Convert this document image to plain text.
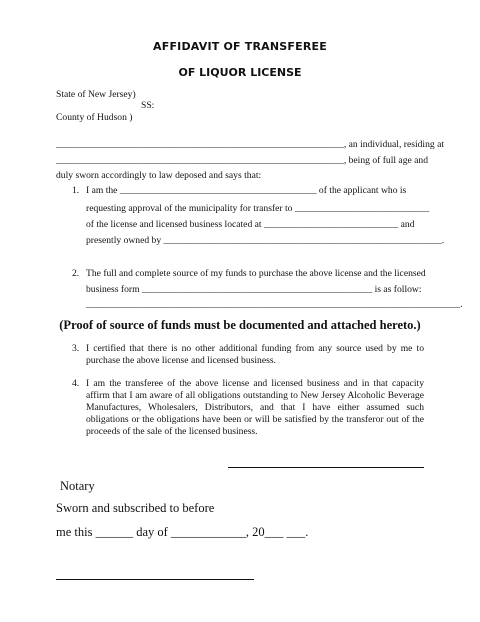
AFFIDAVIT OF TRANSFEREE
OF LIQUOR LICENSE
State of New Jersey)
SS:
County of Hudson )
____________________________________________________________, an individual, residing at
____________________________________________________________, being of full age and
duly sworn accordingly to law deposed and says that:
1. I am the _________________________________________ of the applicant who is
requesting approval of the municipality for transfer to ____________________________
of the license and licensed business located at ____________________________ and
presently owned by __________________________________________________________.
2. The full and complete source of my funds to purchase the above license and the licensed
business form ________________________________________________ is as follow:
______________________________________________________________________________.
(Proof of source of funds must be documented and attached hereto.)
3. I certified that there is no other additional funding from any source used by me to purchase the above license and licensed business.
4. I am the transferee of the above license and licensed business and in that capacity affirm that I am aware of all obligations outstanding to New Jersey Alcoholic Beverage Manufactures, Wholesalers, Distributors, and that I have either assumed such obligations or the obligations have been or will be satisfied by the transferor out of the proceeds of the sale of the licensed business.
Notary
Sworn and subscribed to before
me this ______ day of ____________, 20___ ___.
